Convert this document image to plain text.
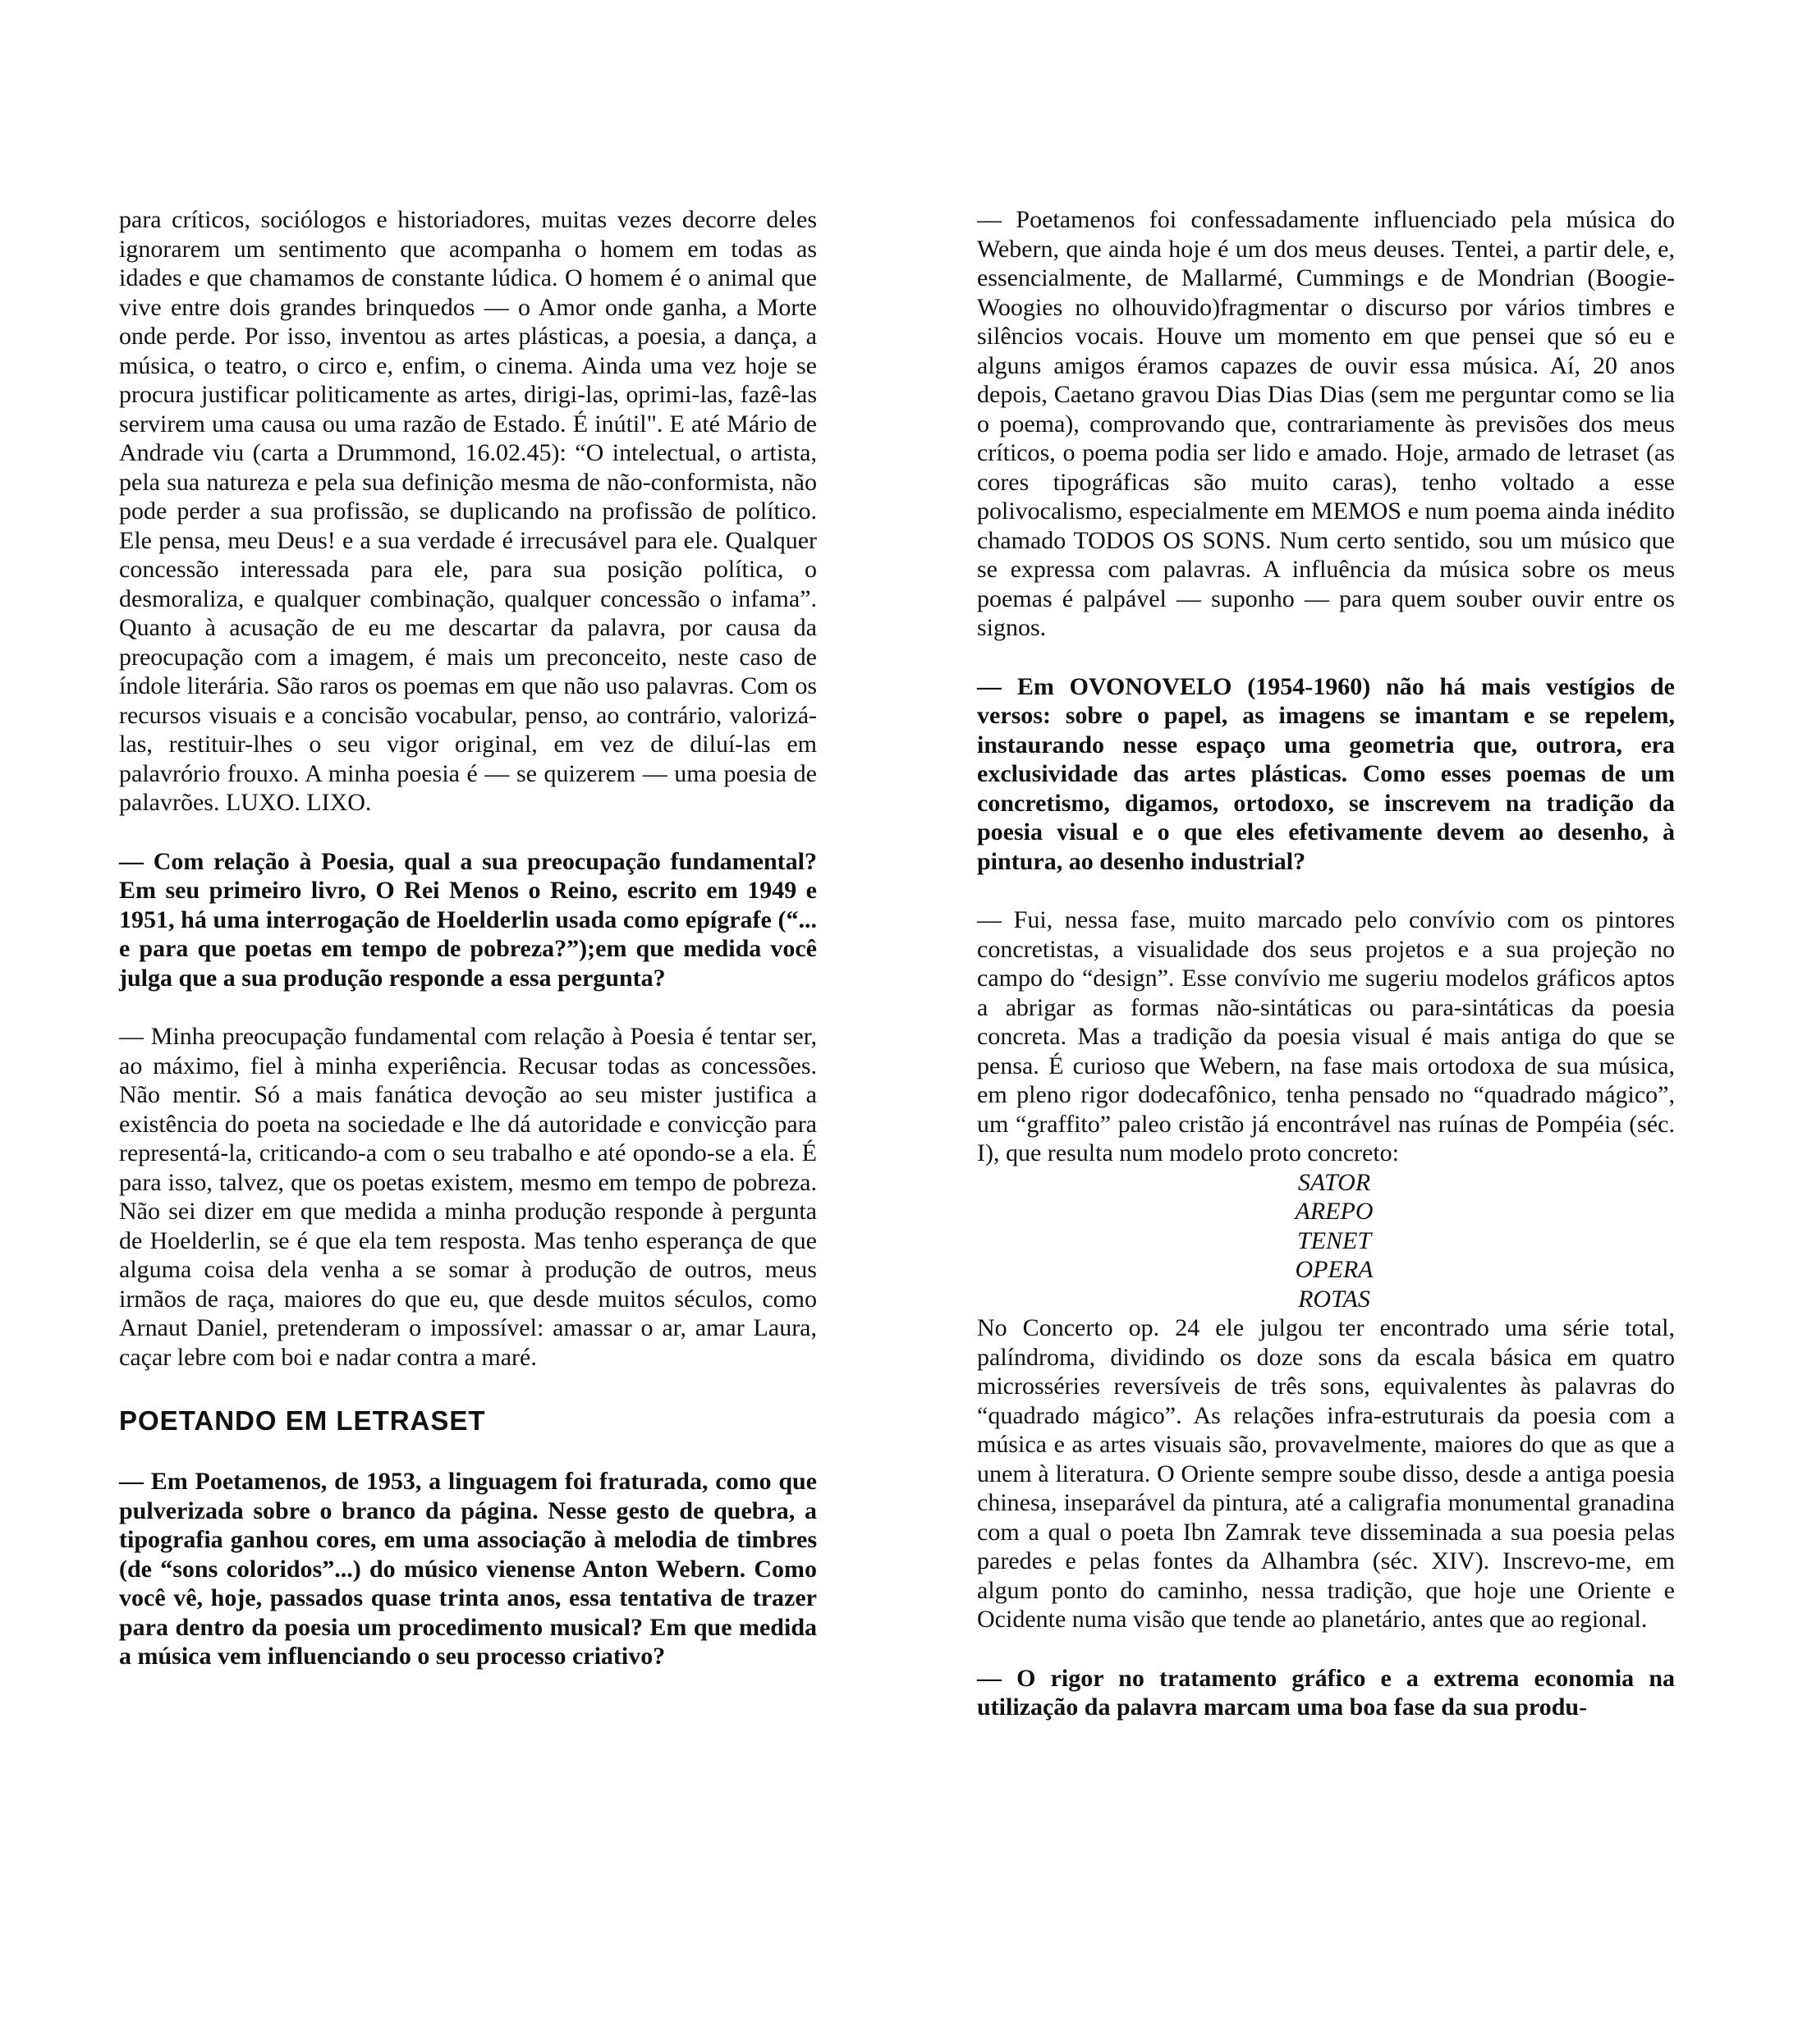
para críticos, sociólogos e historiadores, muitas vezes decorre deles ignorarem um sentimento que acompanha o homem em todas as idades e que chamamos de constante lúdica. O homem é o animal que vive entre dois grandes brinquedos — o Amor onde ganha, a Morte onde perde. Por isso, inventou as artes plásticas, a poesia, a dança, a música, o teatro, o circo e, enfim, o cinema. Ainda uma vez hoje se procura justificar politicamente as artes, dirigi-las, oprimi-las, fazê-las servirem uma causa ou uma razão de Estado. É inútil". E até Mário de Andrade viu (carta a Drummond, 16.02.45): “O intelectual, o artista, pela sua natureza e pela sua definição mesma de não-conformista, não pode perder a sua profissão, se duplicando na profissão de político. Ele pensa, meu Deus! e a sua verdade é irrecusável para ele. Qualquer concessão interessada para ele, para sua posição política, o desmoraliza, e qualquer combinação, qualquer concessão o infama”. Quanto à acusação de eu me descartar da palavra, por causa da preocupação com a imagem, é mais um preconceito, neste caso de índole literária. São raros os poemas em que não uso palavras. Com os recursos visuais e a concisão vocabular, penso, ao contrário, valorizá-las, restituir-lhes o seu vigor original, em vez de diluí-las em palavrório frouxo. A minha poesia é — se quizerem — uma poesia de palavrões. LUXO. LIXO.

— Com relação à Poesia, qual a sua preocupação fundamental? Em seu primeiro livro, O Rei Menos o Reino, escrito em 1949 e 1951, há uma interrogação de Hoelderlin usada como epígrafe (“... e para que poetas em tempo de pobreza?”);em que medida você julga que a sua produção responde a essa pergunta?

— Minha preocupação fundamental com relação à Poesia é tentar ser, ao máximo, fiel à minha experiência. Recusar todas as concessões. Não mentir. Só a mais fanática devoção ao seu mister justifica a existência do poeta na sociedade e lhe dá autoridade e convicção para representá-la, criticando-a com o seu trabalho e até opondo-se a ela. É para isso, talvez, que os poetas existem, mesmo em tempo de pobreza. Não sei dizer em que medida a minha produção responde à pergunta de Hoelderlin, se é que ela tem resposta. Mas tenho esperança de que alguma coisa dela venha a se somar à produção de outros, meus irmãos de raça, maiores do que eu, que desde muitos séculos, como Arnaut Daniel, pretenderam o impossível: amassar o ar, amar Laura, caçar lebre com boi e nadar contra a maré.

POETANDO EM LETRASET

— Em Poetamenos, de 1953, a linguagem foi fraturada, como que pulverizada sobre o branco da página. Nesse gesto de quebra, a tipografia ganhou cores, em uma associação à melodia de timbres (de “sons coloridos”...) do músico vienense Anton Webern. Como você vê, hoje, passados quase trinta anos, essa tentativa de trazer para dentro da poesia um procedimento musical? Em que medida a música vem influenciando o seu processo criativo?

— Poetamenos foi confessadamente influenciado pela música do Webern, que ainda hoje é um dos meus deuses. Tentei, a partir dele, e, essencialmente, de Mallarmé, Cummings e de Mondrian (Boogie-Woogies no olhouvido)fragmentar o discurso por vários timbres e silêncios vocais. Houve um momento em que pensei que só eu e alguns amigos éramos capazes de ouvir essa música. Aí, 20 anos depois, Caetano gravou Dias Dias Dias (sem me perguntar como se lia o poema), comprovando que, contrariamente às previsões dos meus críticos, o poema podia ser lido e amado. Hoje, armado de letraset (as cores tipográficas são muito caras), tenho voltado a esse polivocalismo, especialmente em MEMOS e num poema ainda inédito chamado TODOS OS SONS. Num certo sentido, sou um músico que se expressa com palavras. A influência da música sobre os meus poemas é palpável — suponho — para quem souber ouvir entre os signos.

— Em OVONOVELO (1954-1960) não há mais vestígios de versos: sobre o papel, as imagens se imantam e se repelem, instaurando nesse espaço uma geometria que, outrora, era exclusividade das artes plásticas. Como esses poemas de um concretismo, digamos, ortodoxo, se inscrevem na tradição da poesia visual e o que eles efetivamente devem ao desenho, à pintura, ao desenho industrial?

— Fui, nessa fase, muito marcado pelo convívio com os pintores concretistas, a visualidade dos seus projetos e a sua projeção no campo do “design”. Esse convívio me sugeriu modelos gráficos aptos a abrigar as formas não-sintáticas ou para-sintáticas da poesia concreta. Mas a tradição da poesia visual é mais antiga do que se pensa. É curioso que Webern, na fase mais ortodoxa de sua música, em pleno rigor dodecafônico, tenha pensado no “quadrado mágico”, um “graffito” paleo cristão já encontrável nas ruínas de Pompéia (séc. I), que resulta num modelo proto concreto:

SATOR
AREPO
TENET
OPERA
ROTAS

No Concerto op. 24 ele julgou ter encontrado uma série total, palíndroma, dividindo os doze sons da escala básica em quatro microsséries reversíveis de três sons, equivalentes às palavras do “quadrado mágico”. As relações infra-estruturais da poesia com a música e as artes visuais são, provavelmente, maiores do que as que a unem à literatura. O Oriente sempre soube disso, desde a antiga poesia chinesa, inseparável da pintura, até a caligrafia monumental granadina com a qual o poeta Ibn Zamrak teve disseminada a sua poesia pelas paredes e pelas fontes da Alhambra (séc. XIV). Inscrevo-me, em algum ponto do caminho, nessa tradição, que hoje une Oriente e Ocidente numa visão que tende ao planetário, antes que ao regional.

— O rigor no tratamento gráfico e a extrema economia na utilização da palavra marcam uma boa fase da sua produ-
